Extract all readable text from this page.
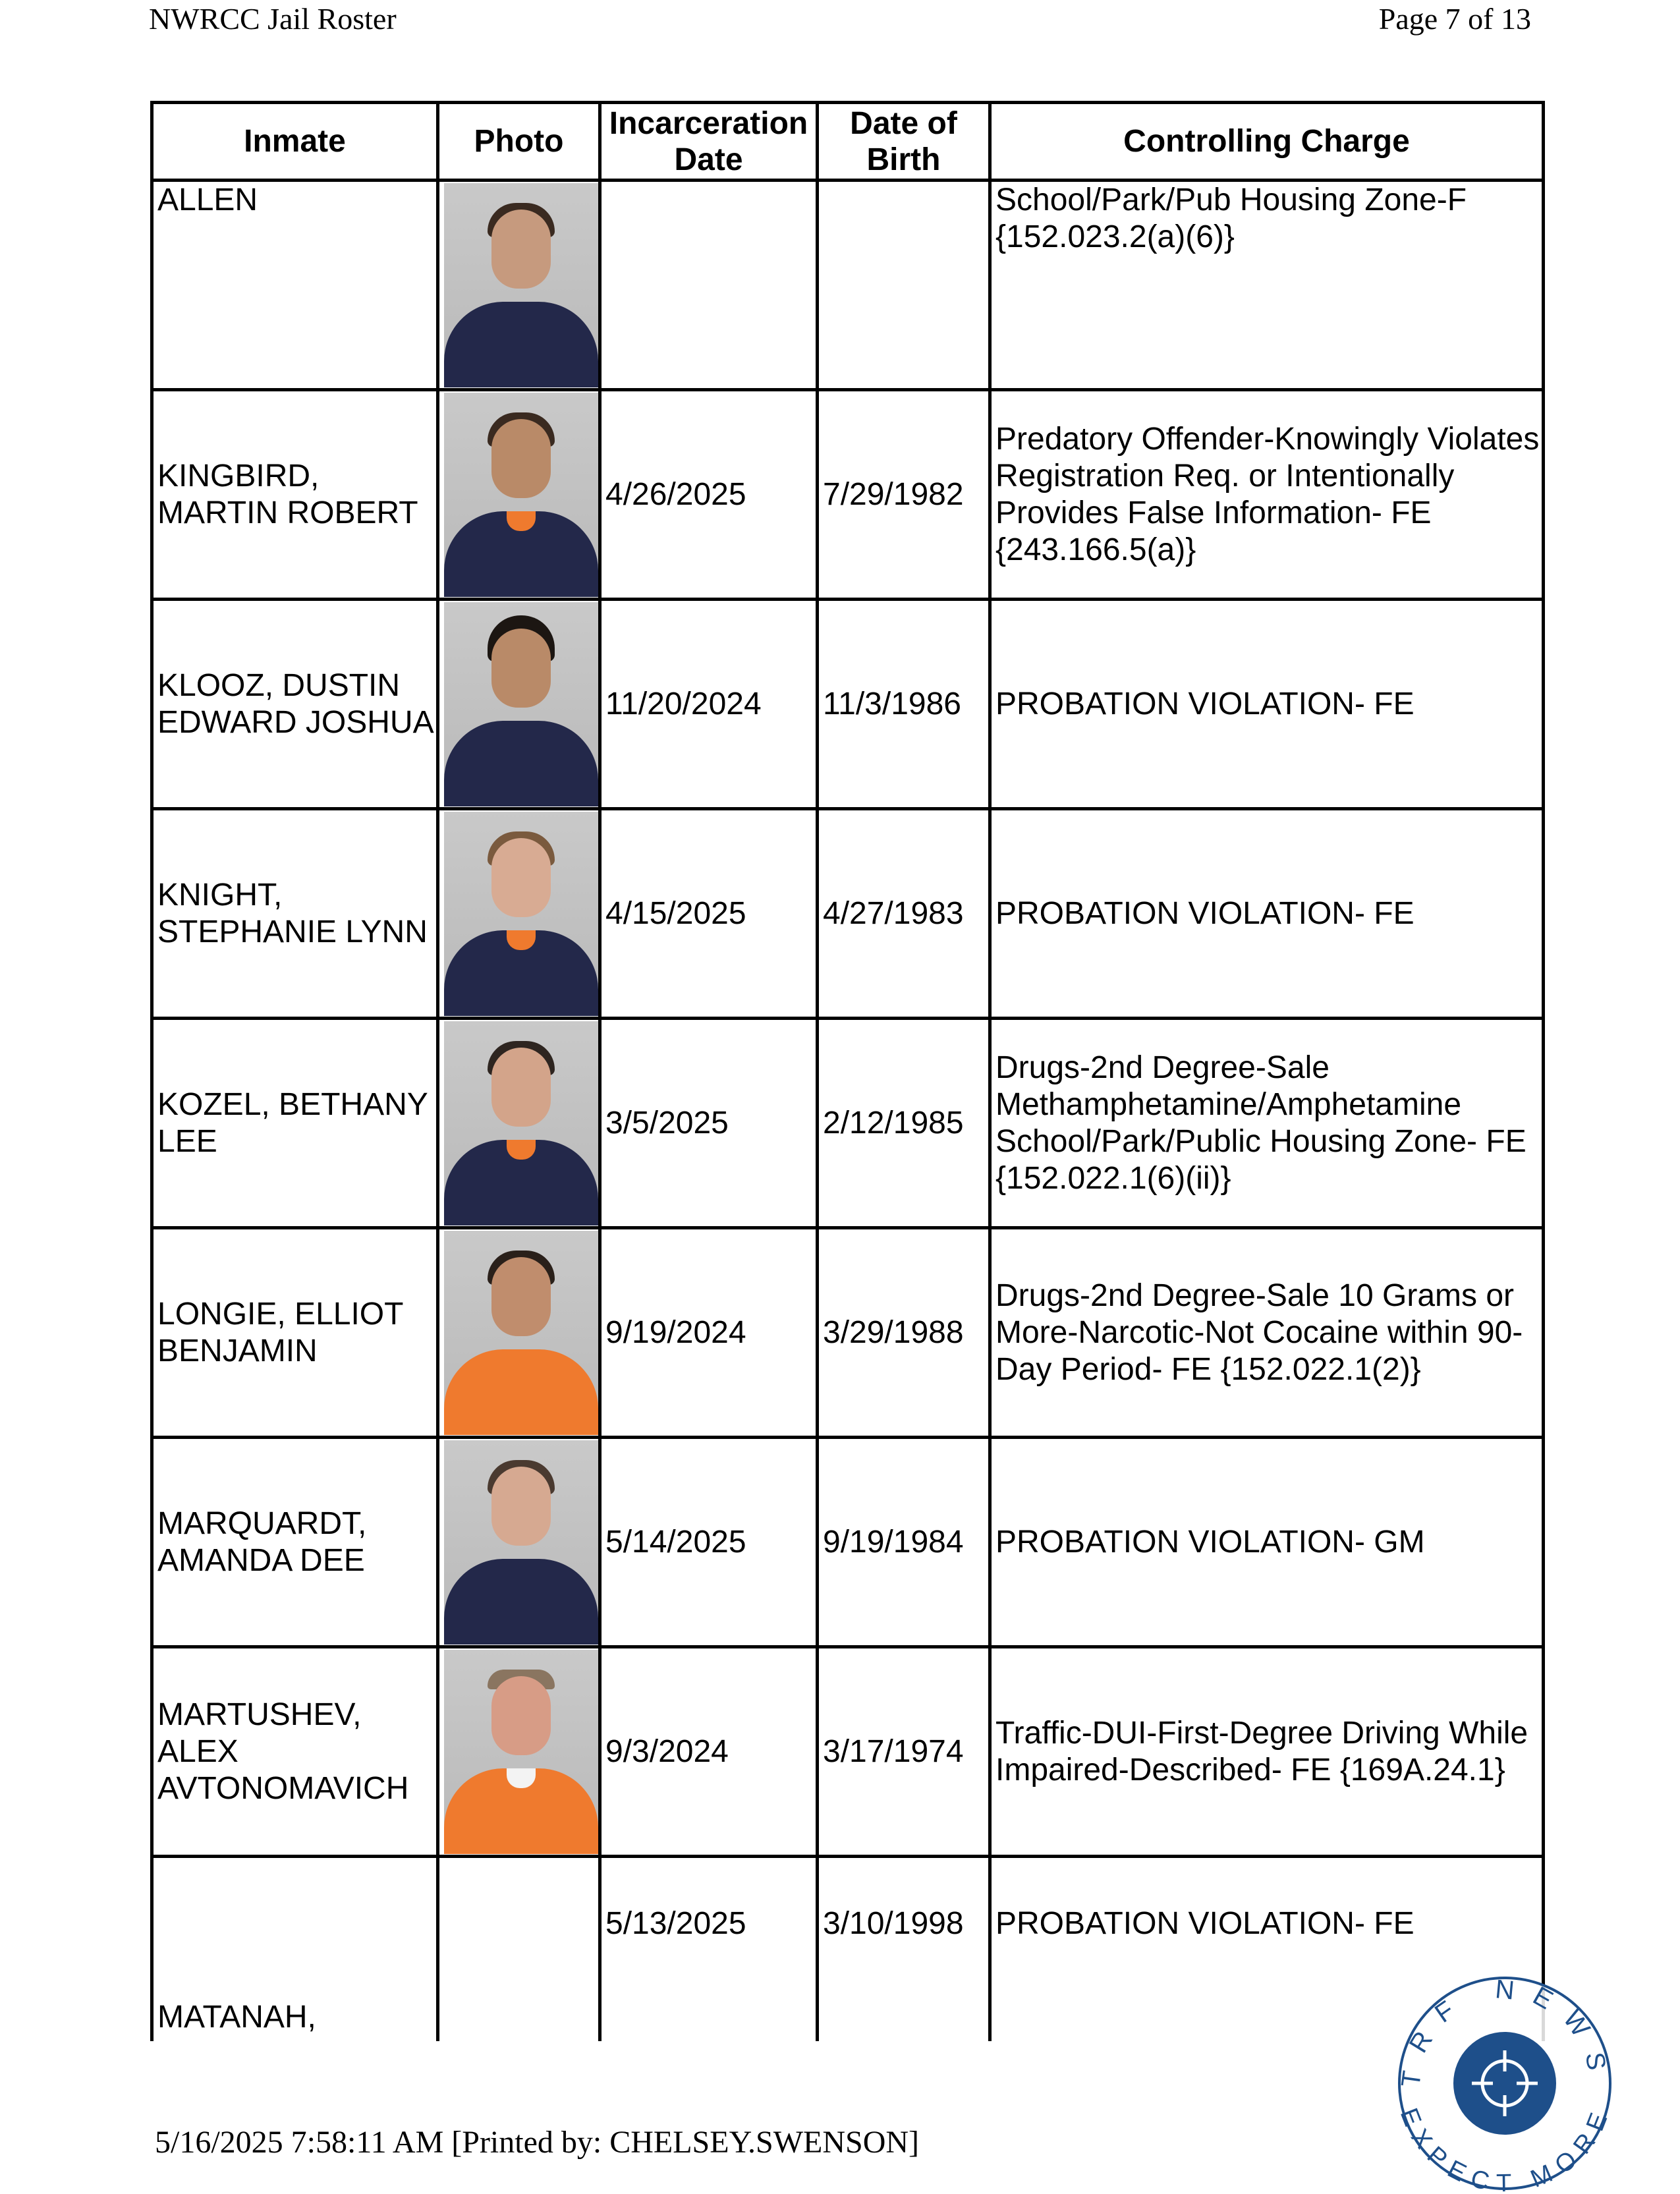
NWRCC Jail Roster	Page 7 of 13
Inmate	Photo	Incarceration Date	Date of Birth	Controlling Charge
ALLEN				School/Park/Pub Housing Zone-F {152.023.2(a)(6)}
KINGBIRD, MARTIN ROBERT		4/26/2025	7/29/1982	Predatory Offender-Knowingly Violates Registration Req. or Intentionally Provides False Information- FE {243.166.5(a)}
KLOOZ, DUSTIN EDWARD JOSHUA		11/20/2024	11/3/1986	PROBATION VIOLATION- FE
KNIGHT, STEPHANIE LYNN		4/15/2025	4/27/1983	PROBATION VIOLATION- FE
KOZEL, BETHANY LEE		3/5/2025	2/12/1985	Drugs-2nd Degree-Sale Methamphetamine/Amphetamine School/Park/Public Housing Zone- FE {152.022.1(6)(ii)}
LONGIE, ELLIOT BENJAMIN		9/19/2024	3/29/1988	Drugs-2nd Degree-Sale 10 Grams or More-Narcotic-Not Cocaine within 90-Day Period- FE {152.022.1(2)}
MARQUARDT, AMANDA DEE		5/14/2025	9/19/1984	PROBATION VIOLATION- GM
MARTUSHEV, ALEX AVTONOMAVICH		9/3/2024	3/17/1974	Traffic-DUI-First-Degree Driving While Impaired-Described- FE {169A.24.1}
MATANAH,		5/13/2025	3/10/1998	PROBATION VIOLATION- FE
5/16/2025 7:58:11 AM [Printed by: CHELSEY.SWENSON]
TRF NEWS
EXPECT MORE
